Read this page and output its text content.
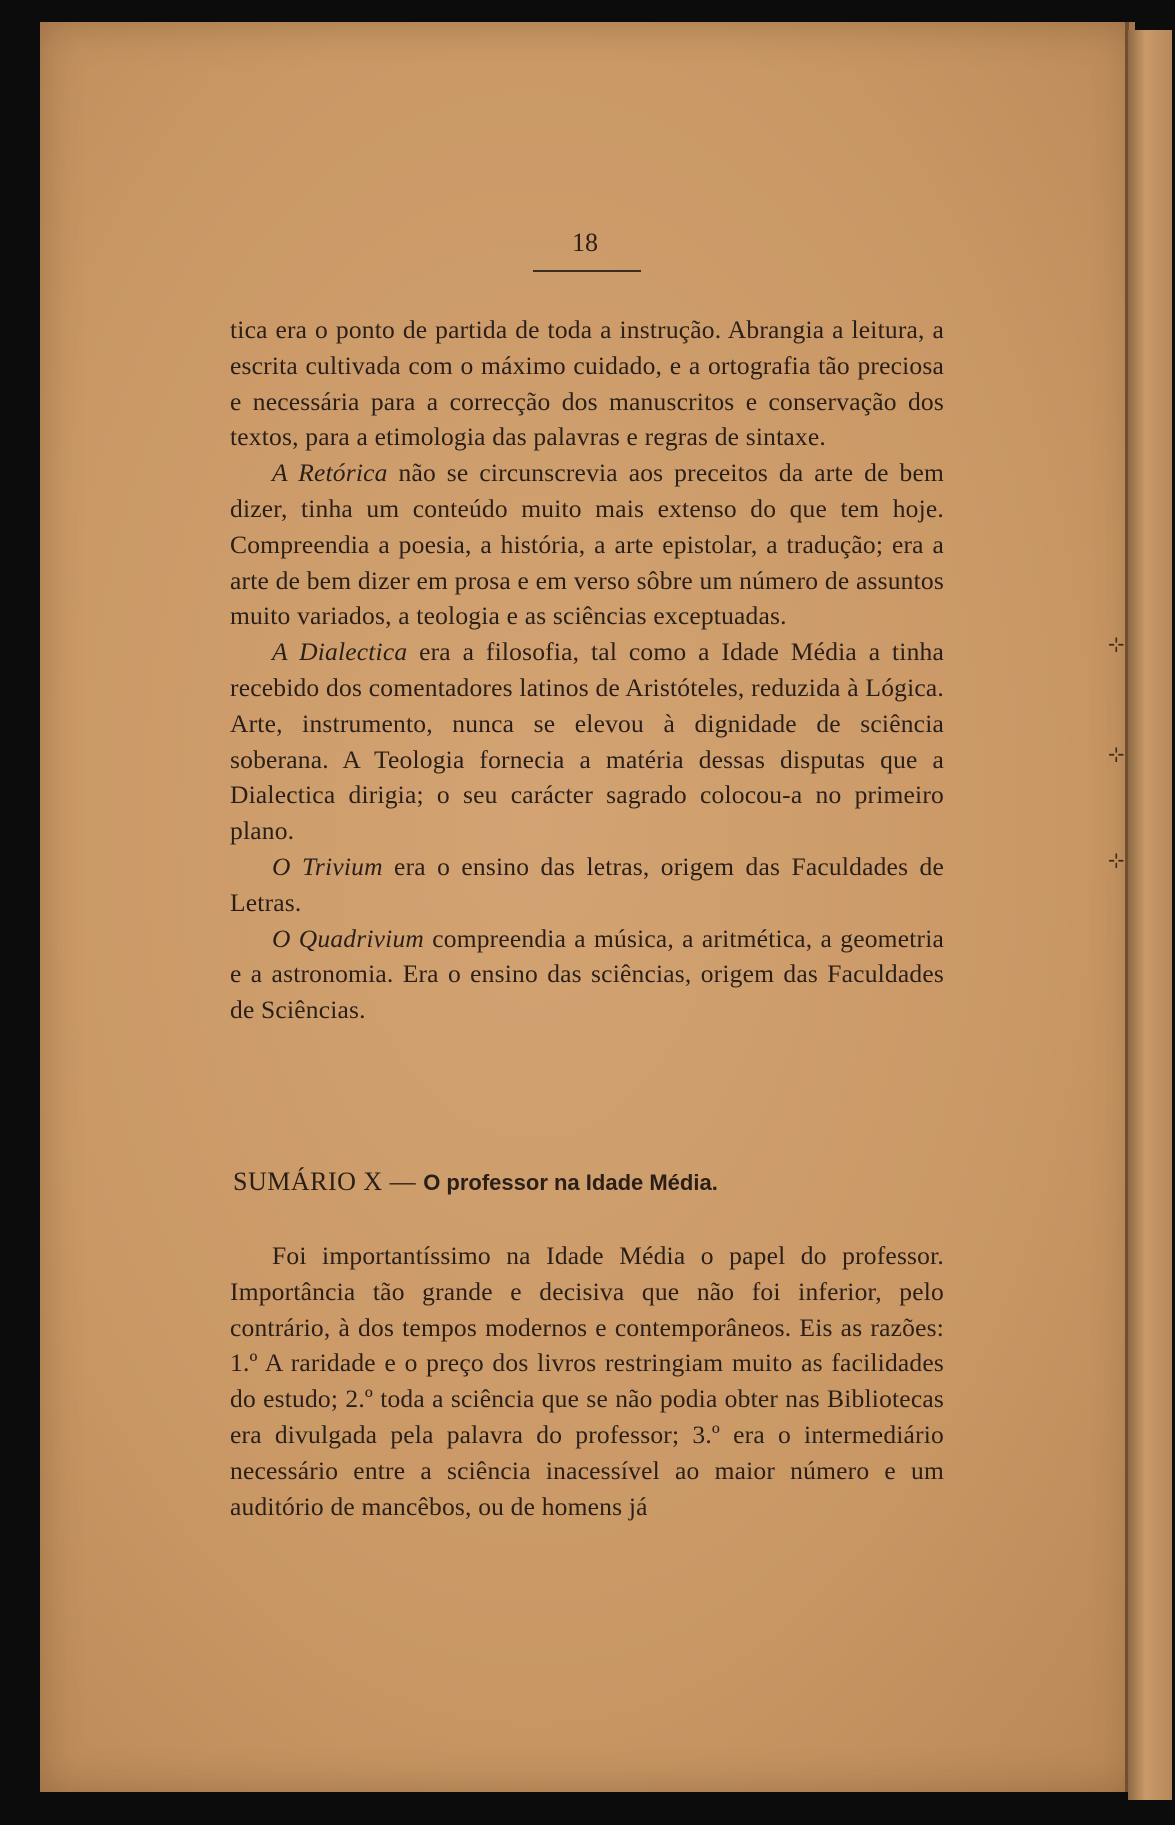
⊹
⊹
⊹
18

tica era o ponto de partida de toda a instrução. Abrangia a leitura, a escrita cultivada com o máximo cuidado, e a ortografia tão preciosa e necessária para a correcção dos manuscritos e conservação dos textos, para a etimologia das palavras e regras de sintaxe.

A Retórica não se circunscrevia aos preceitos da arte de bem dizer, tinha um conteúdo muito mais extenso do que tem hoje. Compreendia a poesia, a história, a arte epistolar, a tradução; era a arte de bem dizer em prosa e em verso sôbre um número de assuntos muito variados, a teologia e as sciências exceptuadas.

A Dialectica era a filosofia, tal como a Idade Média a tinha recebido dos comentadores latinos de Aristóteles, reduzida à Lógica. Arte, instrumento, nunca se elevou à dignidade de sciência soberana. A Teologia fornecia a matéria dessas disputas que a Dialectica dirigia; o seu carácter sagrado colocou-a no primeiro plano.

O Trivium era o ensino das letras, origem das Faculdades de Letras.

O Quadrivium compreendia a música, a aritmética, a geometria e a astronomia. Era o ensino das sciências, origem das Faculdades de Sciências.

SUMÁRIO X — O professor na Idade Média.

Foi importantíssimo na Idade Média o papel do professor. Importância tão grande e decisiva que não foi inferior, pelo contrário, à dos tempos modernos e contemporâneos. Eis as razões: 1.º A raridade e o preço dos livros restringiam muito as facilidades do estudo; 2.º toda a sciência que se não podia obter nas Bibliotecas era divulgada pela palavra do professor; 3.º era o intermediário necessário entre a sciência inacessível ao maior número e um auditório de mancêbos, ou de homens já
